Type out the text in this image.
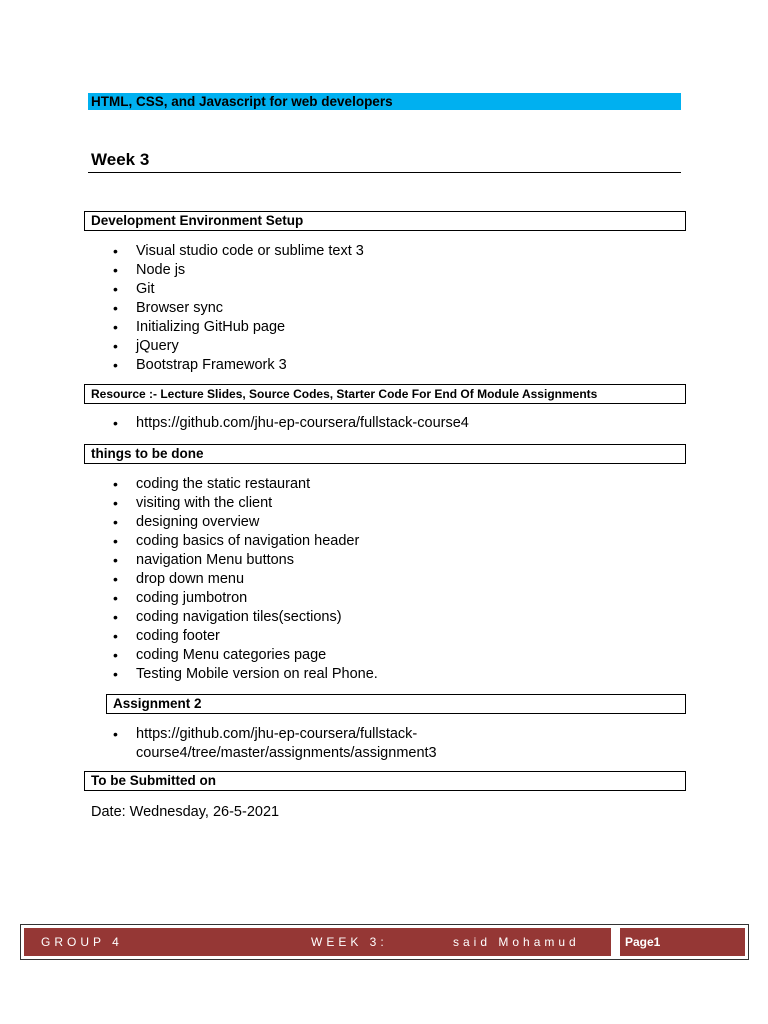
HTML, CSS, and Javascript for web developers
Week 3
Development Environment Setup
• Visual studio code or sublime text 3
• Node js
• Git
• Browser sync
• Initializing GitHub page
• jQuery
• Bootstrap Framework 3
Resource :- Lecture Slides, Source Codes, Starter Code For End Of Module Assignments
• https://github.com/jhu-ep-coursera/fullstack-course4
things to be done
• coding the static restaurant
• visiting with the client
• designing overview
• coding basics of navigation header
• navigation Menu buttons
• drop down menu
• coding jumbotron
• coding navigation tiles(sections)
• coding footer
• coding Menu categories page
• Testing Mobile version on real Phone.
Assignment 2
• https://github.com/jhu-ep-coursera/fullstack-
course4/tree/master/assignments/assignment3
To be Submitted on
Date: Wednesday, 26-5-2021
GROUP 4	WEEK 3:	said Mohamud	Page1
